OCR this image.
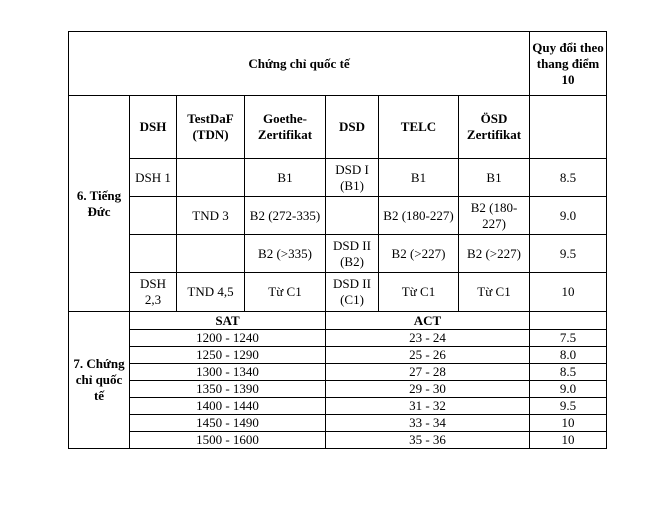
Chứng chỉ quốc tế							Quy đổi theo thang điểm 10
6. Tiếng Đức	DSH	TestDaF (TDN)	Goethe-Zertifikat	DSD	TELC	ÖSD Zertifikat	
	DSH 1		B1	DSD I (B1)	B1	B1	8.5
		TND 3	B2 (272-335)		B2 (180-227)	B2 (180-227)	9.0
			B2 (>335)	DSD II (B2)	B2 (>227)	B2 (>227)	9.5
	DSH 2,3	TND 4,5	Từ C1	DSD II (C1)	Từ C1	Từ C1	10
7. Chứng chỉ quốc tế	SAT			ACT			
	1200 - 1240			23 - 24			7.5
	1250 - 1290			25 - 26			8.0
	1300 - 1340			27 - 28			8.5
	1350 - 1390			29 - 30			9.0
	1400 - 1440			31 - 32			9.5
	1450 - 1490			33 - 34			10
	1500 - 1600			35 - 36			10
